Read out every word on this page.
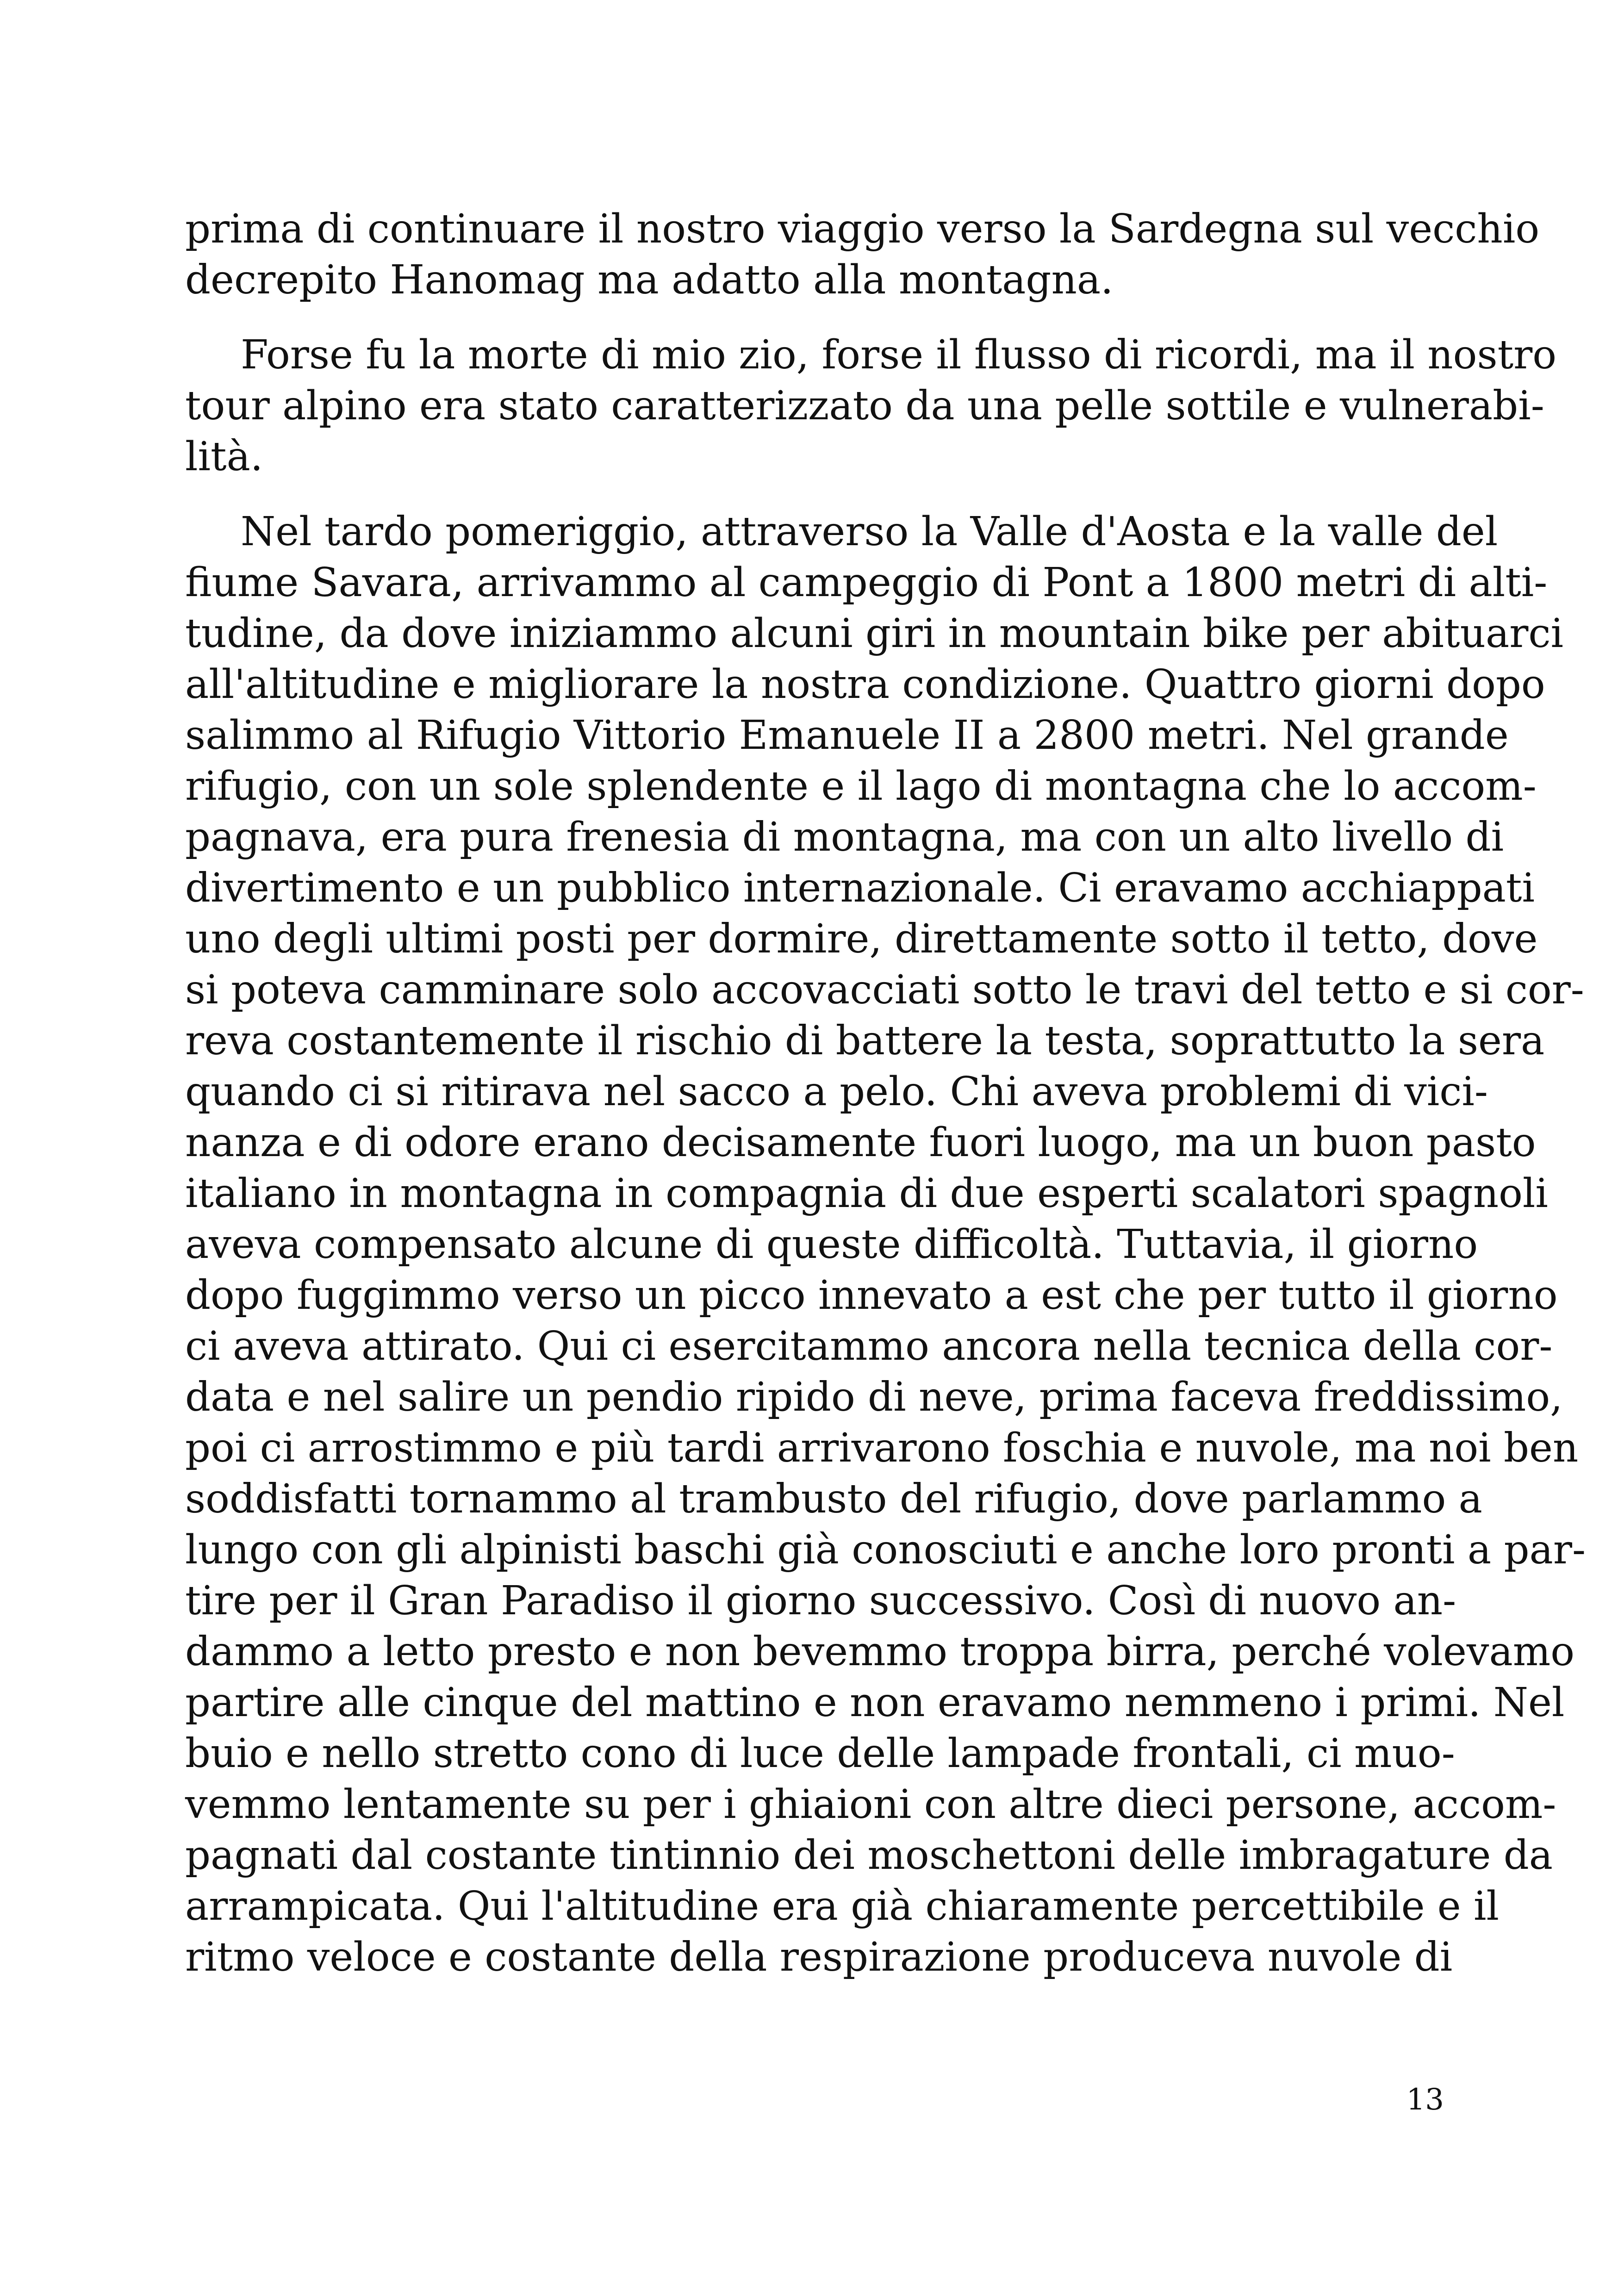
prima di continuare il nostro viaggio verso la Sardegna sul vecchio
decrepito Hanomag ma adatto alla montagna.
Forse fu la morte di mio zio, forse il flusso di ricordi, ma il nostro
tour alpino era stato caratterizzato da una pelle sottile e vulnerabi-
lità.
Nel tardo pomeriggio, attraverso la Valle d'Aosta e la valle del
fiume Savara, arrivammo al campeggio di Pont a 1800 metri di alti-
tudine, da dove iniziammo alcuni giri in mountain bike per abituarci
all'altitudine e migliorare la nostra condizione. Quattro giorni dopo
salimmo al Rifugio Vittorio Emanuele II a 2800 metri. Nel grande
rifugio, con un sole splendente e il lago di montagna che lo accom-
pagnava, era pura frenesia di montagna, ma con un alto livello di
divertimento e un pubblico internazionale. Ci eravamo acchiappati
uno degli ultimi posti per dormire, direttamente sotto il tetto, dove
si poteva camminare solo accovacciati sotto le travi del tetto e si cor-
reva costantemente il rischio di battere la testa, soprattutto la sera
quando ci si ritirava nel sacco a pelo. Chi aveva problemi di vici-
nanza e di odore erano decisamente fuori luogo, ma un buon pasto
italiano in montagna in compagnia di due esperti scalatori spagnoli
aveva compensato alcune di queste difficoltà. Tuttavia, il giorno
dopo fuggimmo verso un picco innevato a est che per tutto il giorno
ci aveva attirato. Qui ci esercitammo ancora nella tecnica della cor-
data e nel salire un pendio ripido di neve, prima faceva freddissimo,
poi ci arrostimmo e più tardi arrivarono foschia e nuvole, ma noi ben
soddisfatti tornammo al trambusto del rifugio, dove parlammo a
lungo con gli alpinisti baschi già conosciuti e anche loro pronti a par-
tire per il Gran Paradiso il giorno successivo. Così di nuovo an-
dammo a letto presto e non bevemmo troppa birra, perché volevamo
partire alle cinque del mattino e non eravamo nemmeno i primi. Nel
buio e nello stretto cono di luce delle lampade frontali, ci muo-
vemmo lentamente su per i ghiaioni con altre dieci persone, accom-
pagnati dal costante tintinnio dei moschettoni delle imbragature da
arrampicata. Qui l'altitudine era già chiaramente percettibile e il
ritmo veloce e costante della respirazione produceva nuvole di
13
